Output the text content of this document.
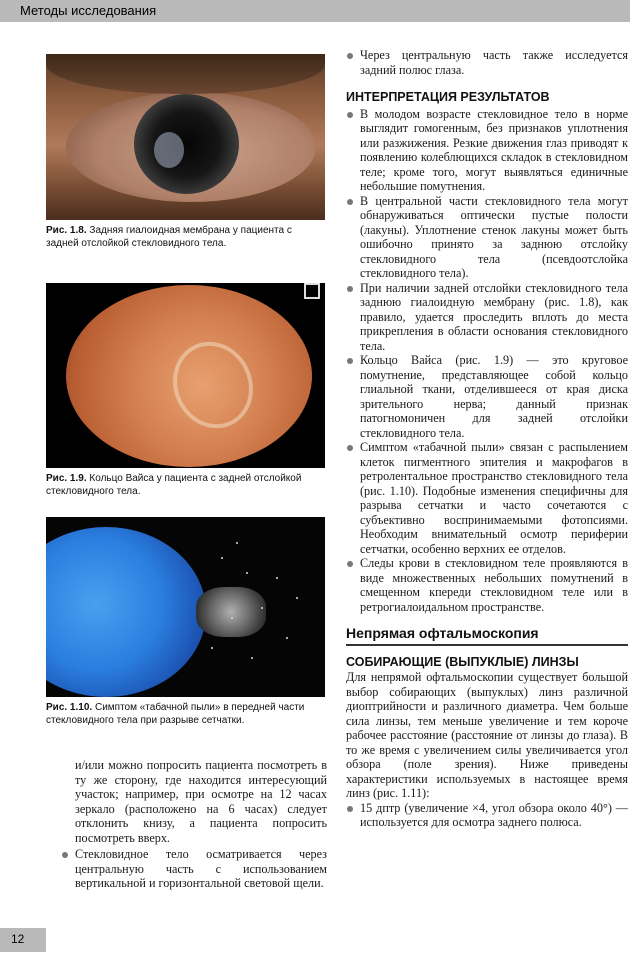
Методы исследования
Рис. 1.8. Задняя гиалоидная мембрана у пациента с задней отслойкой стекловидного тела.
Рис. 1.9. Кольцо Вайса у пациента с задней отслойкой стекловидного тела.
Рис. 1.10. Симптом «табачной пыли» в передней части стекловидного тела при разрыве сетчатки.

и/или можно попросить пациента посмотреть в ту же сторону, где находится интересующий участок; например, при осмотре на 12 часах зеркало (расположено на 6 часах) следует отклонить книзу, а пациента попросить посмотреть вверх.

Стекловидное тело осматривается через центральную часть с использованием вертикальной и горизонтальной световой щели.
Через центральную часть также исследуется задний полюс глаза.
ИНТЕРПРЕТАЦИЯ РЕЗУЛЬТАТОВ
В молодом возрасте стекловидное тело в норме выглядит гомогенным, без признаков уплотнения или разжижения. Резкие движения глаз приводят к появлению колеблющихся складок в стекловидном теле; кроме того, могут выявляться единичные небольшие помутнения.
В центральной части стекловидного тела могут обнаруживаться оптически пустые полости (лакуны). Уплотнение стенок лакуны может быть ошибочно принято за заднюю отслойку стекловидного тела (псевдоотслойка стекловидного тела).
При наличии задней отслойки стекловидного тела заднюю гиалоидную мембрану (рис. 1.8), как правило, удается проследить вплоть до места прикрепления в области основания стекловидного тела.
Кольцо Вайса (рис. 1.9) — это круговое помутнение, представляющее собой кольцо глиальной ткани, отделившееся от края диска зрительного нерва; данный признак патогномоничен для задней отслойки стекловидного тела.
Симптом «табачной пыли» связан с распылением клеток пигментного эпителия и макрофагов в ретролентальное пространство стекловидного тела (рис. 1.10). Подобные изменения специфичны для разрыва сетчатки и часто сочетаются с субъективно воспринимаемыми фотопсиями. Необходим внимательный осмотр периферии сетчатки, особенно верхних ее отделов.
Следы крови в стекловидном теле проявляются в виде множественных небольших помутнений в смещенном кпереди стекловидном теле или в ретрогиалоидальном пространстве.
Непрямая офтальмоскопия
СОБИРАЮЩИЕ (ВЫПУКЛЫЕ) ЛИНЗЫ

Для непрямой офтальмоскопии существует большой выбор собирающих (выпуклых) линз различной диоптрийности и различного диаметра. Чем больше сила линзы, тем меньше увеличение и тем короче рабочее расстояние (расстояние от линзы до глаза). В то же время с увеличением силы увеличивается угол обзора (поле зрения). Ниже приведены характеристики используемых в настоящее время линз (рис. 1.11):

15 дптр (увеличение ×4, угол обзора около 40°) — используется для осмотра заднего полюса.
12
